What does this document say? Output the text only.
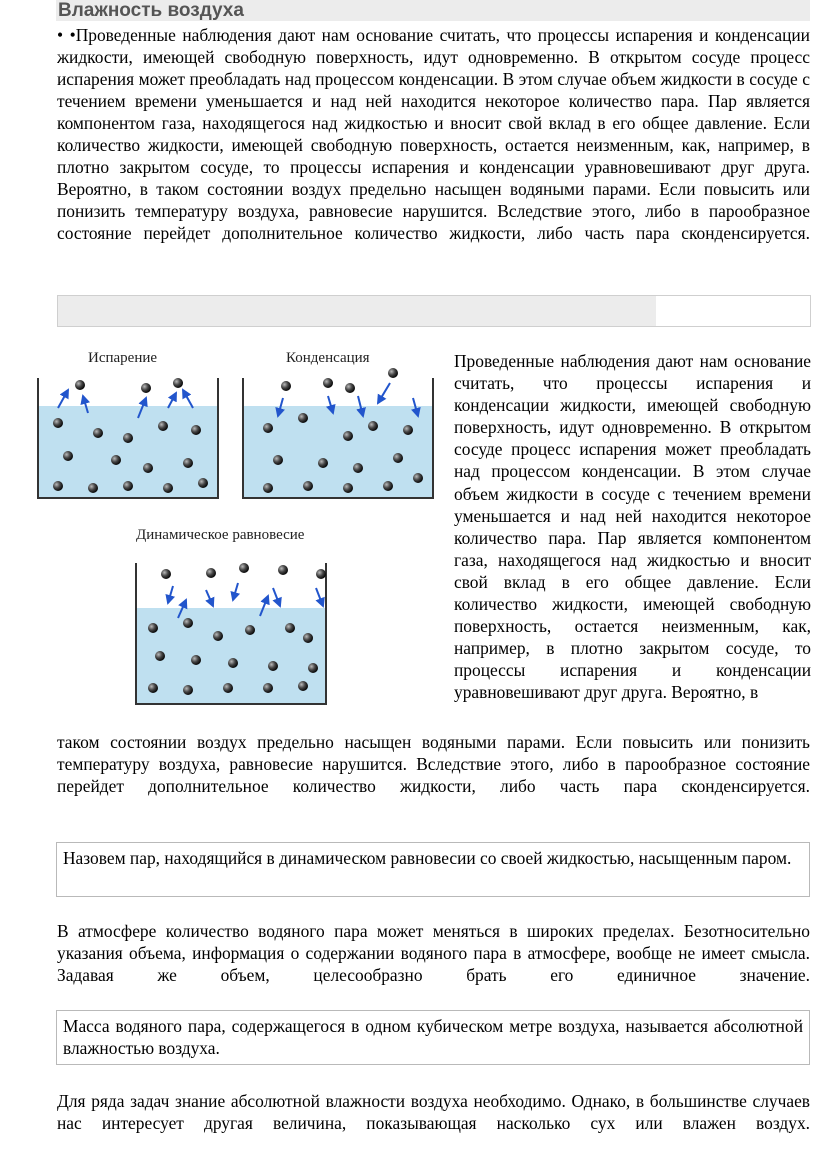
Влажность воздуха

• •Проведенные наблюдения дают нам основание считать, что процессы испарения и конденсации жидкости, имеющей свободную поверхность, идут одновременно. В открытом сосуде процесс испарения может преобладать над процессом конденсации. В этом случае объем жидкости в сосуде с течением времени уменьшается и над ней находится некоторое количество пара. Пар является компонентом газа, находящегося над жидкостью и вносит свой вклад в его общее давление. Если количество жидкости, имеющей свободную поверхность, остается неизменным, как, например, в плотно закрытом сосуде, то процессы испарения и конденсации уравновешивают друг друга. Вероятно, в таком состоянии воздух предельно насыщен водяными парами. Если повысить или понизить температуру воздуха, равновесие нарушится. Вследствие этого, либо в парообразное состояние перейдет дополнительное количество жидкости, либо часть пара сконденсируется.

Испарение	Конденсация
Динамическое равновесие

Проведенные наблюдения дают нам основание считать, что процессы испарения и конденсации жидкости, имеющей свободную поверхность, идут одновременно. В открытом сосуде процесс испарения может преобладать над процессом конденсации. В этом случае объем жидкости в сосуде с течением времени уменьшается и над ней находится некоторое количество пара. Пар является компонентом газа, находящегося над жидкостью и вносит свой вклад в его общее давление. Если количество жидкости, имеющей свободную поверхность, остается неизменным, как, например, в плотно закрытом сосуде, то процессы испарения и конденсации уравновешивают друг друга. Вероятно, в

таком состоянии воздух предельно насыщен водяными парами. Если повысить или понизить температуру воздуха, равновесие нарушится. Вследствие этого, либо в парообразное состояние перейдет дополнительное количество жидкости, либо часть пара сконденсируется.

Назовем пар, находящийся в динамическом равновесии со своей жидкостью, насыщенным паром.

В атмосфере количество водяного пара может меняться в широких пределах. Безотносительно указания объема, информация о содержании водяного пара в атмосфере, вообще не имеет смысла. Задавая же объем, целесообразно брать его единичное значение.

Масса водяного пара, содержащегося в одном кубическом метре воздуха, называется абсолютной влажностью воздуха.

Для ряда задач знание абсолютной влажности воздуха необходимо. Однако, в большинстве случаев нас интересует другая величина, показывающая насколько сух или влажен воздух.
